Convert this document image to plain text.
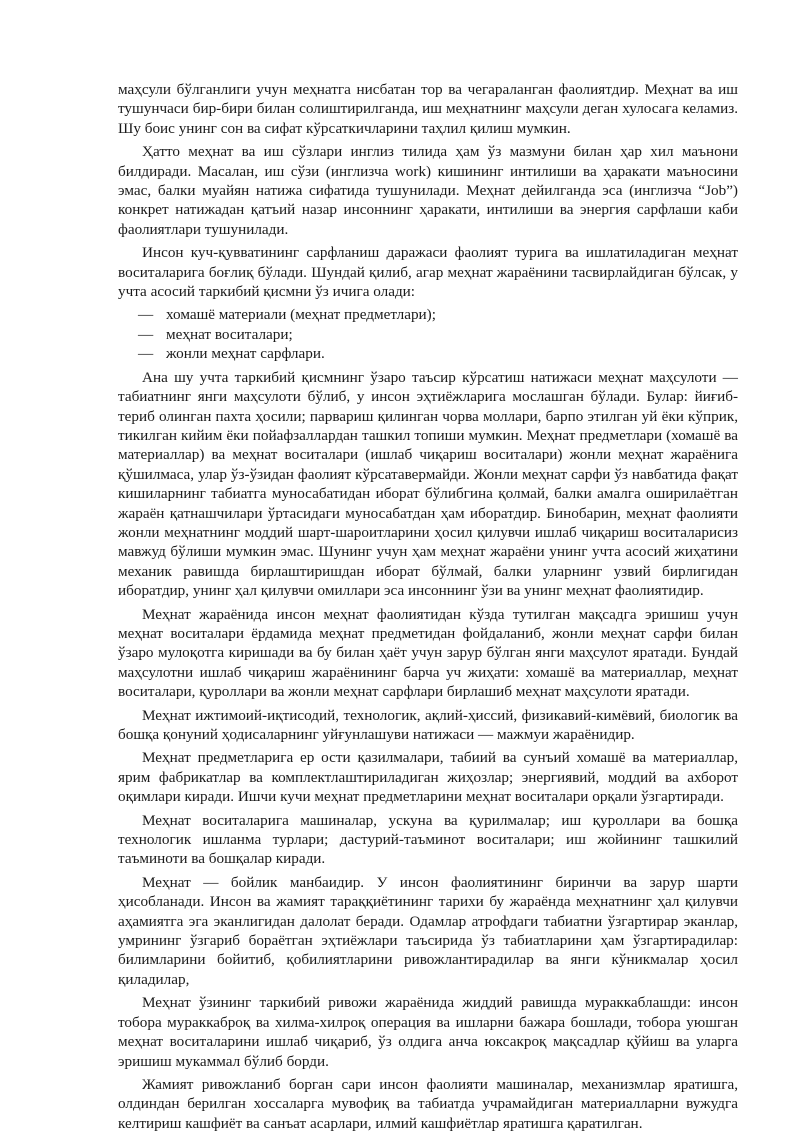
маҳсули бўлганлиги учун меҳнатга нисбатан тор ва чегараланган фаолиятдир. Меҳнат ва иш тушунчаси бир-бири билан солиштирилганда, иш меҳнатнинг маҳсули деган хулосага келамиз. Шу боис унинг сон ва сифат кўрсаткичларини таҳлил қилиш мумкин.

Ҳатто меҳнат ва иш сўзлари инглиз тилида ҳам ўз мазмуни билан ҳар хил маънони билдиради. Масалан, иш сўзи (инглизча work) кишининг интилиши ва ҳаракати маъносини эмас, балки муайян натижа сифатида тушунилади. Меҳнат дейилганда эса (инглизча “Job”) конкрет натижадан қатъий назар инсоннинг ҳаракати, интилиши ва энергия сарфлаши каби фаолиятлари тушунилади.

Инсон куч-қувватининг сарфланиш даражаси фаолият турига ва ишлатиладиган меҳнат воситаларига боғлиқ бўлади. Шундай қилиб, агар меҳнат жараёнини тасвирлайдиган бўлсак, у учта асосий таркибий қисмни ўз ичига олади:

— хомашё материали (меҳнат предметлари);
— меҳнат воситалари;
— жонли меҳнат сарфлари.

Ана шу учта таркибий қисмнинг ўзаро таъсир кўрсатиш натижаси меҳнат маҳсулоти — табиатнинг янги маҳсулоти бўлиб, у инсон эҳтиёжларига мослашган бўлади. Булар: йиғиб-териб олинган пахта ҳосили; парвариш қилинган чорва моллари, барпо этилган уй ёки кўприк, тикилган кийим ёки пойафзаллардан ташкил топиши мумкин. Меҳнат предметлари (хомашё ва материаллар) ва меҳнат воситалари (ишлаб чиқариш воситалари) жонли меҳнат жараёнига қўшилмаса, улар ўз-ўзидан фаолият кўрсатавермайди. Жонли меҳнат сарфи ўз навбатида фақат кишиларнинг табиатга муносабатидан иборат бўлибгина қолмай, балки амалга оширилаётган жараён қатнашчилари ўртасидаги муносабатдан ҳам иборатдир. Бинобарин, меҳнат фаолияти жонли меҳнатнинг моддий шарт-шароитларини ҳосил қилувчи ишлаб чиқариш воситаларисиз мавжуд бўлиши мумкин эмас. Шунинг учун ҳам меҳнат жараёни унинг учта асосий жиҳатини механик равишда бирлаштиришдан иборат бўлмай, балки уларнинг узвий бирлигидан иборатдир, унинг ҳал қилувчи омиллари эса инсоннинг ўзи ва унинг меҳнат фаолиятидир.

Меҳнат жараёнида инсон меҳнат фаолиятидан кўзда тутилган мақсадга эришиш учун меҳнат воситалари ёрдамида меҳнат предметидан фойдаланиб, жонли меҳнат сарфи билан ўзаро мулоқотга киришади ва бу билан ҳаёт учун зарур бўлган янги маҳсулот яратади. Бундай маҳсулотни ишлаб чиқариш жараёнининг барча уч жиҳати: хомашё ва материаллар, меҳнат воситалари, қуроллари ва жонли меҳнат сарфлари бирлашиб меҳнат маҳсулоти яратади.

Меҳнат ижтимоий-иқтисодий, технологик, ақлий-ҳиссий, физикавий-кимёвий, биологик ва бошқа қонуний ҳодисаларнинг уйғунлашуви натижаси — мажмуи жараёнидир.

Меҳнат предметларига ер ости қазилмалари, табиий ва сунъий хомашё ва материаллар, ярим фабрикатлар ва комплектлаштириладиган жиҳозлар; энергиявий, моддий ва ахборот оқимлари киради. Ишчи кучи меҳнат предметларини меҳнат воситалари орқали ўзгартиради.

Меҳнат воситаларига машиналар, ускуна ва қурилмалар; иш қуроллари ва бошқа технологик ишланма турлари; дастурий-таъминот воситалари; иш жойининг ташкилий таъминоти ва бошқалар киради.

Меҳнат — бойлик манбаидир. У инсон фаолиятининг биринчи ва зарур шарти ҳисобланади. Инсон ва жамият тараққиётининг тарихи бу жараёнда меҳнатнинг ҳал қилувчи аҳамиятга эга эканлигидан далолат беради. Одамлар атрофдаги табиатни ўзгартирар эканлар, умрининг ўзгариб бораётган эҳтиёжлари таъсирида ўз табиатларини ҳам ўзгартирадилар: билимларини бойитиб, қобилиятларини ривожлантирадилар ва янги кўникмалар ҳосил қиладилар,

Меҳнат ўзининг таркибий ривожи жараёнида жиддий равишда мураккаблашди: инсон тобора мураккаброқ ва хилма-хилроқ операция ва ишларни бажара бошлади, тобора уюшган меҳнат воситаларини ишлаб чиқариб, ўз олдига анча юксакроқ мақсадлар қўйиш ва уларга эришиш мукаммал бўлиб борди.

Жамият ривожланиб борган сари инсон фаолияти машиналар, механизмлар яратишга, олдиндан берилган хоссаларга мувофиқ ва табиатда учрамайдиган материалларни вужудга келтириш кашфиёт ва санъат асарлари, илмий кашфиётлар яратишга қаратилган.
